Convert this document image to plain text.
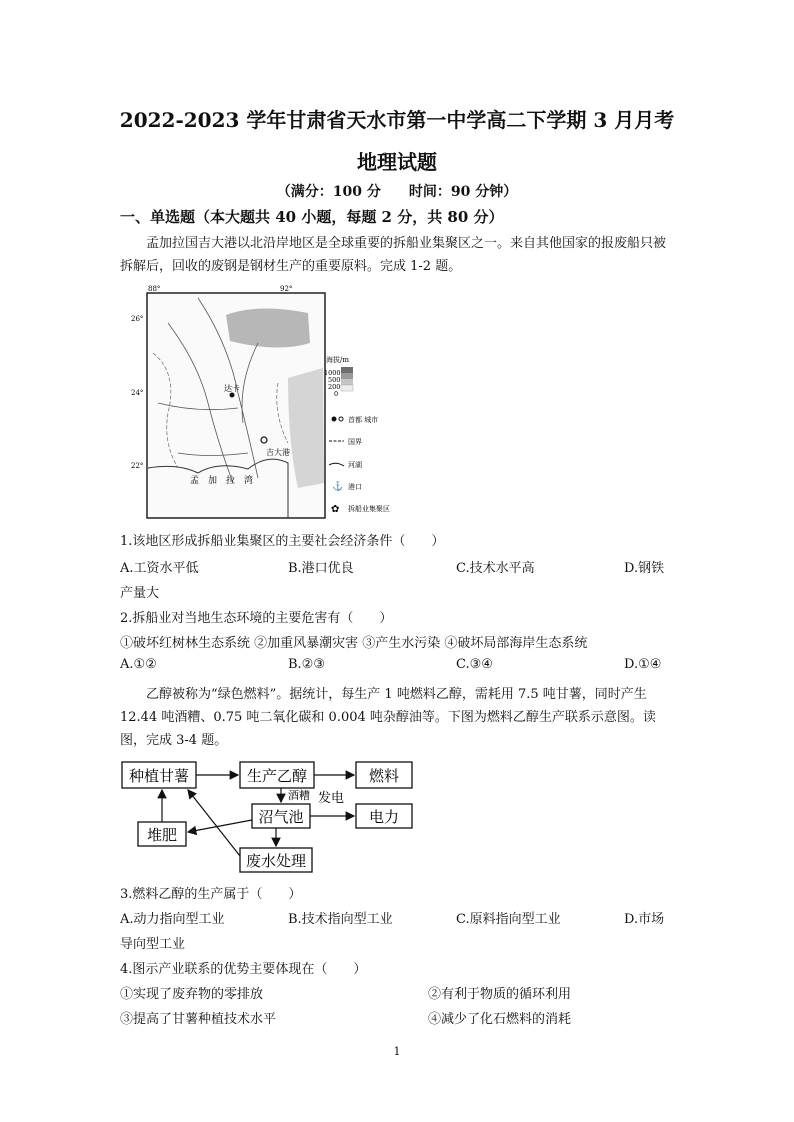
2022-2023 学年甘肃省天水市第一中学高二下学期 3 月月考
地理试题
（满分：100 分　　时间：90 分钟）
一、单选题（本大题共 40 小题，每题 2 分，共 80 分）
孟加拉国吉大港以北沿岸地区是全球重要的拆船业集聚区之一。来自其他国家的报废船只被拆解后，回收的废钢是钢材生产的重要原料。完成 1-2 题。
88°	92°
26°
24°
22°
达卡
吉大港
孟　加　拉　湾
海拔/m
1000
500
200
0
首都 城市
国界
河湖
⚓ 港口
✿ 拆船业集聚区
1.该地区形成拆船业集聚区的主要社会经济条件（　　）
A.工资水平低	B.港口优良	C.技术水平高	D.钢铁
产量大
2.拆船业对当地生态环境的主要危害有（　　）
①破坏红树林生态系统 ②加重风暴潮灾害 ③产生水污染 ④破坏局部海岸生态系统
A.①②	B.②③	C.③④	D.①④
乙醇被称为“绿色燃料”。据统计，每生产 1 吨燃料乙醇，需耗用 7.5 吨甘薯，同时产生12.44 吨酒糟、0.75 吨二氧化碳和 0.004 吨杂醇油等。下图为燃料乙醇生产联系示意图。读图，完成 3-4 题。
种植甘薯	生产乙醇	燃料
沼气池	电力
堆肥
废水处理
酒糟 发电
3.燃料乙醇的生产属于（　　）
A.动力指向型工业	B.技术指向型工业	C.原料指向型工业	D.市场
导向型工业
4.图示产业联系的优势主要体现在（　　）
①实现了废弃物的零排放	②有利于物质的循环利用
③提高了甘薯种植技术水平	④减少了化石燃料的消耗
1
